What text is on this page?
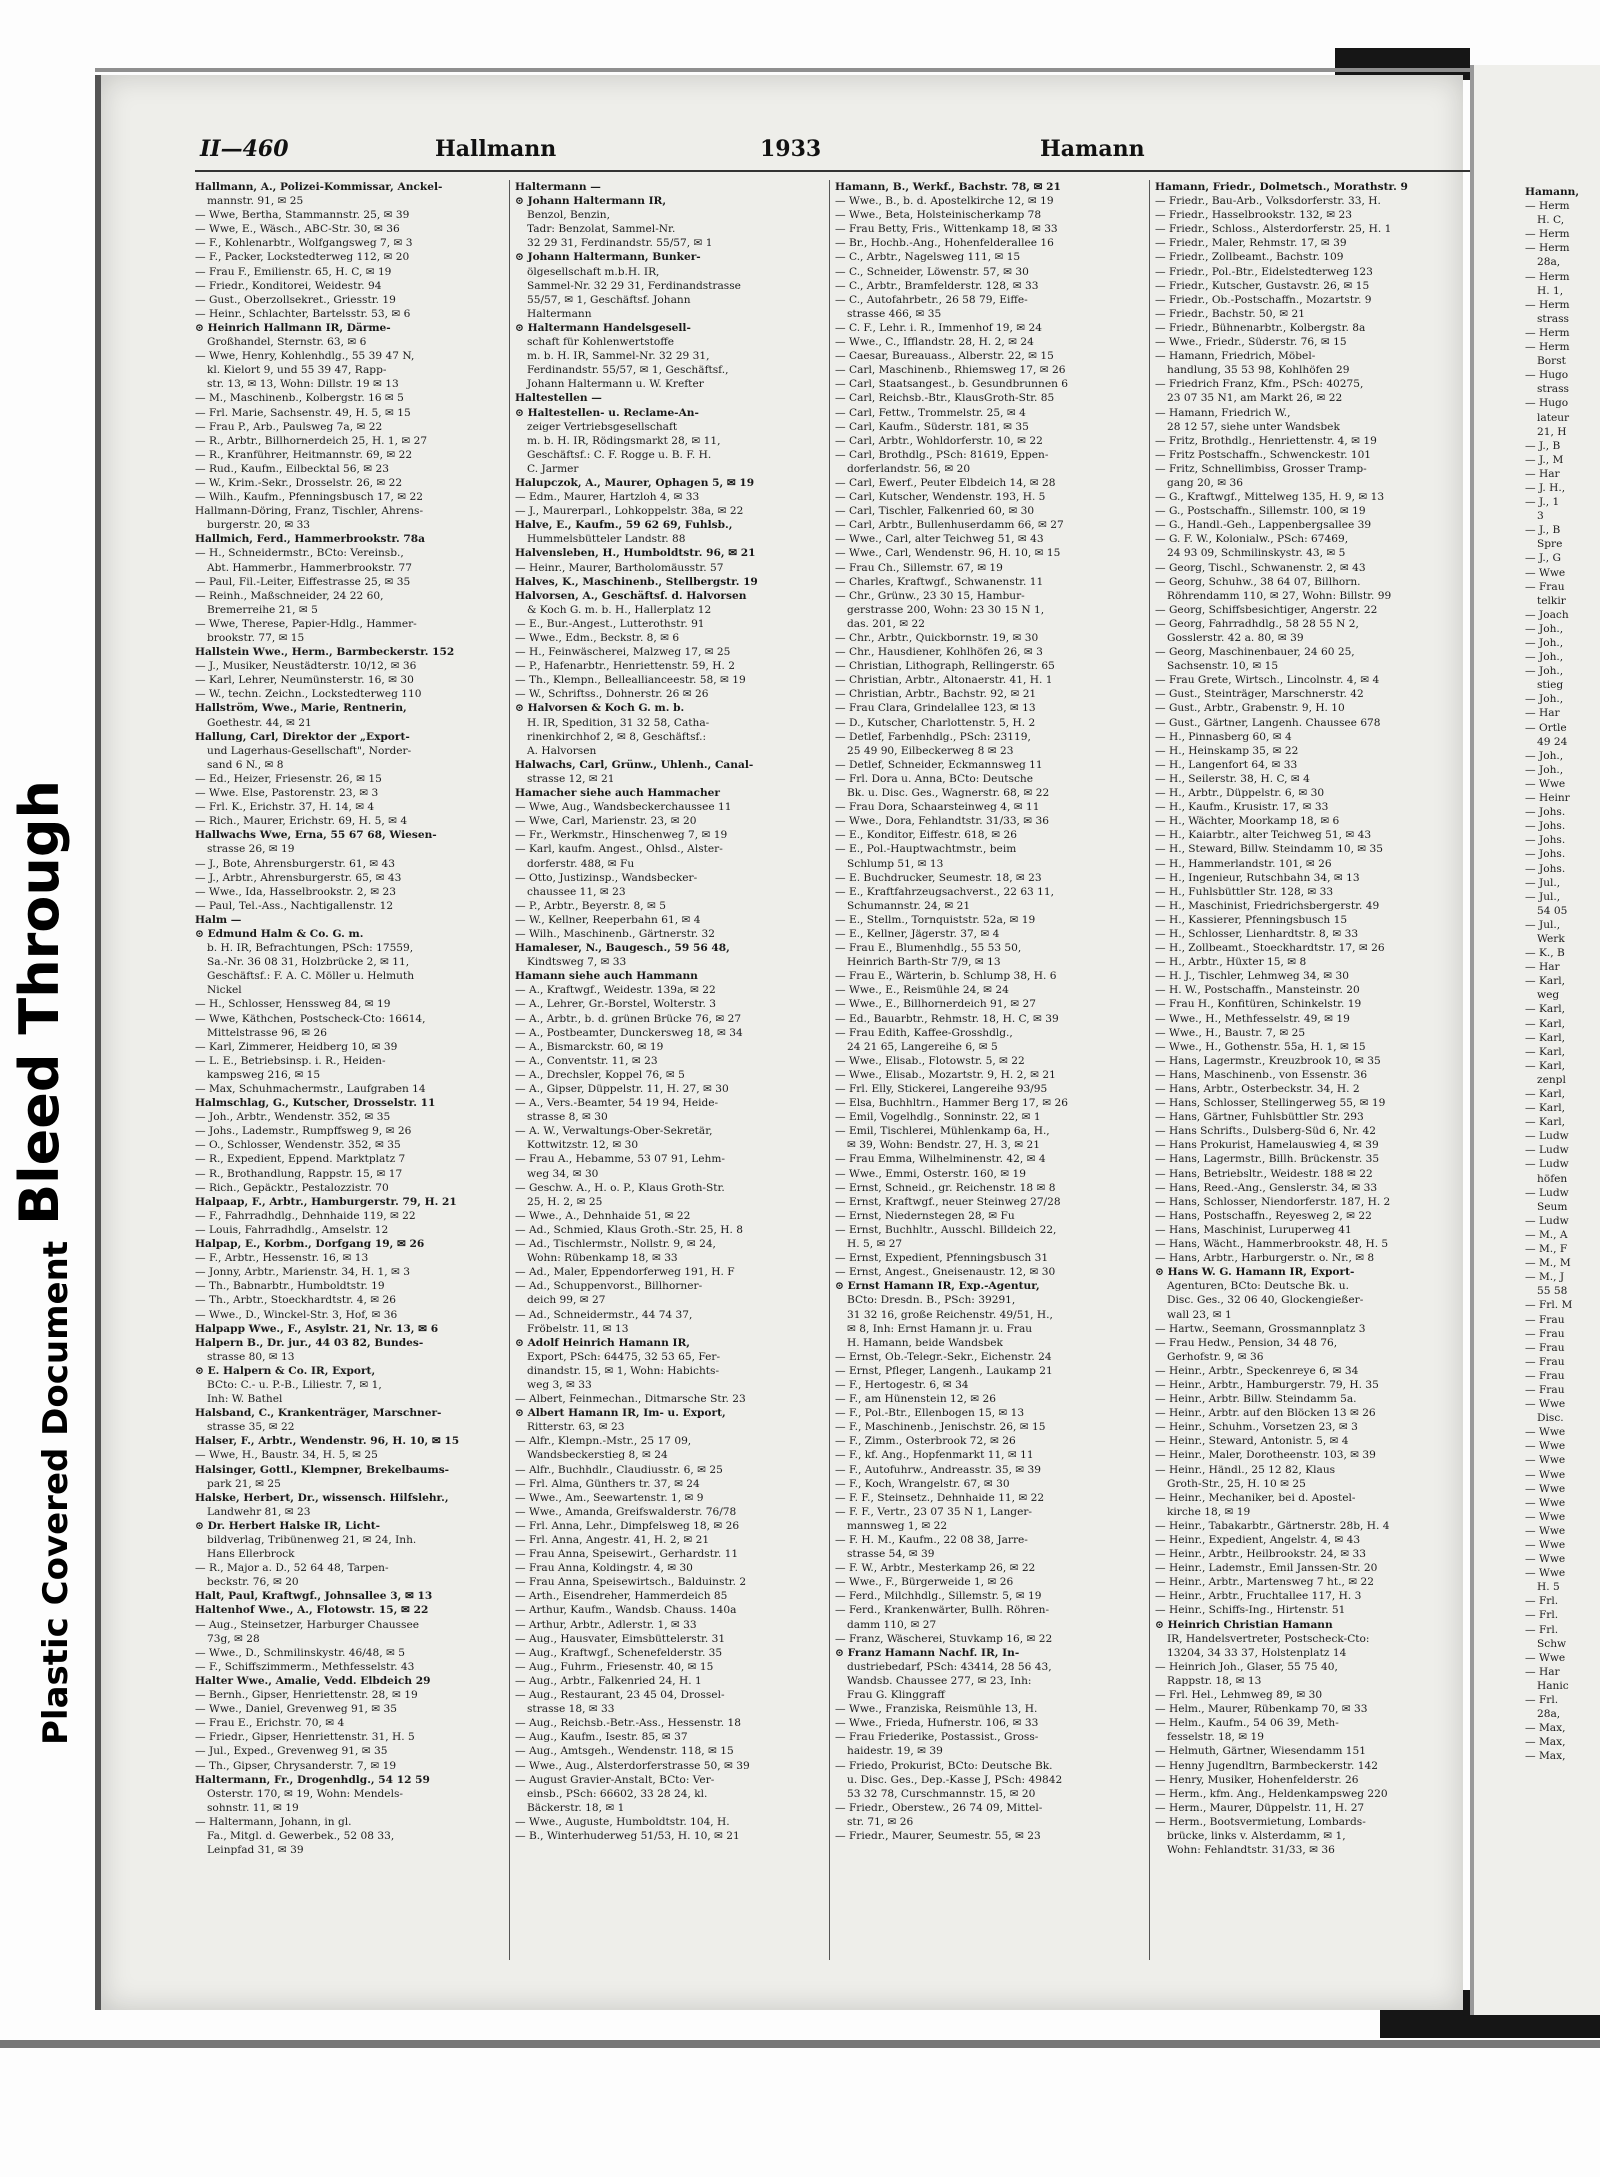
Bleed Through
Plastic Covered Document
II—460	Hallmann	1933	Hamann
Hallmann, A., Polizei-Kommissar, Anckel-
mannstr. 91, ✉ 25
— Wwe, Bertha, Stammannstr. 25, ✉ 39
— Wwe, E., Wäsch., ABC-Str. 30, ✉ 36
— F., Kohlenarbtr., Wolfgangsweg 7, ✉ 3
— F., Packer, Lockstedterweg 112, ✉ 20
— Frau F., Emilienstr. 65, H. C, ✉ 19
— Friedr., Konditorei, Weidestr. 94
— Gust., Oberzollsekret., Griesstr. 19
— Heinr., Schlachter, Bartelsstr. 53, ✉ 6
⊙ Heinrich Hallmann IR, Därme-
Großhandel, Sternstr. 63, ✉ 6
— Wwe, Henry, Kohlenhdlg., 55 39 47 N,
kl. Kielort 9, und 55 39 47, Rapp-
str. 13, ✉ 13, Wohn: Dillstr. 19 ✉ 13
— M., Maschinenb., Kolbergstr. 16 ✉ 5
— Frl. Marie, Sachsenstr. 49, H. 5, ✉ 15
— Frau P., Arb., Paulsweg 7a, ✉ 22
— R., Arbtr., Billhornerdeich 25, H. 1, ✉ 27
— R., Kranführer, Heitmannstr. 69, ✉ 22
— Rud., Kaufm., Eilbecktal 56, ✉ 23
— W., Krim.-Sekr., Drosselstr. 26, ✉ 22
— Wilh., Kaufm., Pfenningsbusch 17, ✉ 22
Hallmann-Döring, Franz, Tischler, Ahrens-
burgerstr. 20, ✉ 33
Hallmich, Ferd., Hammerbrookstr. 78a
— H., Schneidermstr., BCto: Vereinsb.,
Abt. Hammerbr., Hammerbrookstr. 77
— Paul, Fil.-Leiter, Eiffestrasse 25, ✉ 35
— Reinh., Maßschneider, 24 22 60,
Bremerreihe 21, ✉ 5
— Wwe, Therese, Papier-Hdlg., Hammer-
brookstr. 77, ✉ 15
Hallstein Wwe., Herm., Barmbeckerstr. 152
— J., Musiker, Neustädterstr. 10/12, ✉ 36
— Karl, Lehrer, Neumünsterstr. 16, ✉ 30
— W., techn. Zeichn., Lockstedterweg 110
Hallström, Wwe., Marie, Rentnerin,
Goethestr. 44, ✉ 21
Hallung, Carl, Direktor der „Export-
und Lagerhaus-Gesellschaft", Norder-
sand 6 N., ✉ 8
— Ed., Heizer, Friesenstr. 26, ✉ 15
— Wwe. Else, Pastorenstr. 23, ✉ 3
— Frl. K., Erichstr. 37, H. 14, ✉ 4
— Rich., Maurer, Erichstr. 69, H. 5, ✉ 4
Hallwachs Wwe, Erna, 55 67 68, Wiesen-
strasse 26, ✉ 19
— J., Bote, Ahrensburgerstr. 61, ✉ 43
— J., Arbtr., Ahrensburgerstr. 65, ✉ 43
— Wwe., Ida, Hasselbrookstr. 2, ✉ 23
— Paul, Tel.-Ass., Nachtigallenstr. 12
Halm —
⊙ Edmund Halm & Co. G. m.
b. H. IR, Befrachtungen, PSch: 17559,
Sa.-Nr. 36 08 31, Holzbrücke 2, ✉ 11,
Geschäftsf.: F. A. C. Möller u. Helmuth
Nickel
— H., Schlosser, Henssweg 84, ✉ 19
— Wwe, Käthchen, Postscheck-Cto: 16614,
Mittelstrasse 96, ✉ 26
— Karl, Zimmerer, Heidberg 10, ✉ 39
— L. E., Betriebsinsp. i. R., Heiden-
kampsweg 216, ✉ 15
— Max, Schuhmachermstr., Laufgraben 14
Halmschlag, G., Kutscher, Drosselstr. 11
— Joh., Arbtr., Wendenstr. 352, ✉ 35
— Johs., Lademstr., Rumpffsweg 9, ✉ 26
— O., Schlosser, Wendenstr. 352, ✉ 35
— R., Expedient, Eppend. Marktplatz 7
— R., Brothandlung, Rappstr. 15, ✉ 17
— Rich., Gepäcktr., Pestalozzistr. 70
Halpaap, F., Arbtr., Hamburgerstr. 79, H. 21
— F., Fahrradhdlg., Dehnhaide 119, ✉ 22
— Louis, Fahrradhdlg., Amselstr. 12
Halpap, E., Korbm., Dorfgang 19, ✉ 26
— F., Arbtr., Hessenstr. 16, ✉ 13
— Jonny, Arbtr., Marienstr. 34, H. 1, ✉ 3
— Th., Babnarbtr., Humboldtstr. 19
— Th., Arbtr., Stoeckhardtstr. 4, ✉ 26
— Wwe., D., Winckel-Str. 3, Hof, ✉ 36
Halpapp Wwe., F., Asylstr. 21, Nr. 13, ✉ 6
Halpern B., Dr. jur., 44 03 82, Bundes-
strasse 80, ✉ 13
⊙ E. Halpern & Co. IR, Export,
BCto: C.- u. P.-B., Liliestr. 7, ✉ 1,
Inh: W. Bathel
Halsband, C., Krankenträger, Marschner-
strasse 35, ✉ 22
Halser, F., Arbtr., Wendenstr. 96, H. 10, ✉ 15
— Wwe, H., Baustr. 34, H. 5, ✉ 25
Halsinger, Gottl., Klempner, Brekelbaums-
park 21, ✉ 25
Halske, Herbert, Dr., wissensch. Hilfslehr.,
Landwehr 81, ✉ 23
⊙ Dr. Herbert Halske IR, Licht-
bildverlag, Tribünenweg 21, ✉ 24, Inh.
Hans Ellerbrock
— R., Major a. D., 52 64 48, Tarpen-
beckstr. 76, ✉ 20
Halt, Paul, Kraftwgf., Johnsallee 3, ✉ 13
Haltenhof Wwe., A., Flotowstr. 15, ✉ 22
— Aug., Steinsetzer, Harburger Chaussee
73g, ✉ 28
— Wwe., D., Schmilinskystr. 46/48, ✉ 5
— F., Schiffszimmerm., Methfesselstr. 43
Halter Wwe., Amalie, Vedd. Elbdeich 29
— Bernh., Gipser, Henriettenstr. 28, ✉ 19
— Wwe., Daniel, Grevenweg 91, ✉ 35
— Frau E., Erichstr. 70, ✉ 4
— Friedr., Gipser, Henriettenstr. 31, H. 5
— Jul., Exped., Grevenweg 91, ✉ 35
— Th., Gipser, Chrysanderstr. 7, ✉ 19
Haltermann, Fr., Drogenhdlg., 54 12 59
Osterstr. 170, ✉ 19, Wohn: Mendels-
sohnstr. 11, ✉ 19
— Haltermann, Johann, in gl.
Fa., Mitgl. d. Gewerbek., 52 08 33,
Leinpfad 31, ✉ 39
Haltermann —
⊙ Johann Haltermann IR,
Benzol, Benzin,
Tadr: Benzolat, Sammel-Nr.
32 29 31, Ferdinandstr. 55/57, ✉ 1
⊙ Johann Haltermann, Bunker-
ölgesellschaft m.b.H. IR,
Sammel-Nr. 32 29 31, Ferdinandstrasse
55/57, ✉ 1, Geschäftsf. Johann
Haltermann
⊙ Haltermann Handelsgesell-
schaft für Kohlenwertstoffe
m. b. H. IR, Sammel-Nr. 32 29 31,
Ferdinandstr. 55/57, ✉ 1, Geschäftsf.,
Johann Haltermann u. W. Krefter
Haltestellen —
⊙ Haltestellen- u. Reclame-An-
zeiger Vertriebsgesellschaft
m. b. H. IR, Rödingsmarkt 28, ✉ 11,
Geschäftsf.: C. F. Rogge u. B. F. H.
C. Jarmer
Halupczok, A., Maurer, Ophagen 5, ✉ 19
— Edm., Maurer, Hartzloh 4, ✉ 33
— J., Maurerparl., Lohkoppelstr. 38a, ✉ 22
Halve, E., Kaufm., 59 62 69, Fuhlsb.,
Hummelsbütteler Landstr. 88
Halvensleben, H., Humboldtstr. 96, ✉ 21
— Heinr., Maurer, Bartholomäusstr. 57
Halves, K., Maschinenb., Stellbergstr. 19
Halvorsen, A., Geschäftsf. d. Halvorsen
& Koch G. m. b. H., Hallerplatz 12
— E., Bur.-Angest., Lutterothstr. 91
— Wwe., Edm., Beckstr. 8, ✉ 6
— H., Feinwäscherei, Malzweg 17, ✉ 25
— P., Hafenarbtr., Henriettenstr. 59, H. 2
— Th., Klempn., Belleallianceestr. 58, ✉ 19
— W., Schriftss., Dohnerstr. 26 ✉ 26
⊙ Halvorsen & Koch G. m. b.
H. IR, Spedition, 31 32 58, Catha-
rinenkirchhof 2, ✉ 8, Geschäftsf.:
A. Halvorsen
Halwachs, Carl, Grünw., Uhlenh., Canal-
strasse 12, ✉ 21
Hamacher siehe auch Hammacher
— Wwe, Aug., Wandsbeckerchaussee 11
— Wwe, Carl, Marienstr. 23, ✉ 20
— Fr., Werkmstr., Hinschenweg 7, ✉ 19
— Karl, kaufm. Angest., Ohlsd., Alster-
dorferstr. 488, ✉ Fu
— Otto, Justizinsp., Wandsbecker-
chaussee 11, ✉ 23
— P., Arbtr., Beyerstr. 8, ✉ 5
— W., Kellner, Reeperbahn 61, ✉ 4
— Wilh., Maschinenb., Gärtnerstr. 32
Hamaleser, N., Baugesch., 59 56 48,
Kindtsweg 7, ✉ 33
Hamann siehe auch Hammann
— A., Kraftwgf., Weidestr. 139a, ✉ 22
— A., Lehrer, Gr.-Borstel, Wolterstr. 3
— A., Arbtr., b. d. grünen Brücke 76, ✉ 27
— A., Postbeamter, Dunckersweg 18, ✉ 34
— A., Bismarckstr. 60, ✉ 19
— A., Conventstr. 11, ✉ 23
— A., Drechsler, Koppel 76, ✉ 5
— A., Gipser, Düppelstr. 11, H. 27, ✉ 30
— A., Vers.-Beamter, 54 19 94, Heide-
strasse 8, ✉ 30
— A. W., Verwaltungs-Ober-Sekretär,
Kottwitzstr. 12, ✉ 30
— Frau A., Hebamme, 53 07 91, Lehm-
weg 34, ✉ 30
— Geschw. A., H. o. P., Klaus Groth-Str.
25, H. 2, ✉ 25
— Wwe., A., Dehnhaide 51, ✉ 22
— Ad., Schmied, Klaus Groth.-Str. 25, H. 8
— Ad., Tischlermstr., Nollstr. 9, ✉ 24,
Wohn: Rübenkamp 18, ✉ 33
— Ad., Maler, Eppendorferweg 191, H. F
— Ad., Schuppenvorst., Billhorner-
deich 99, ✉ 27
— Ad., Schneidermstr., 44 74 37,
Fröbelstr. 11, ✉ 13
⊙ Adolf Heinrich Hamann IR,
Export, PSch: 64475, 32 53 65, Fer-
dinandstr. 15, ✉ 1, Wohn: Habichts-
weg 3, ✉ 33
— Albert, Feinmechan., Ditmarsche Str. 23
⊙ Albert Hamann IR, Im- u. Export,
Ritterstr. 63, ✉ 23
— Alfr., Klempn.-Mstr., 25 17 09,
Wandsbeckerstieg 8, ✉ 24
— Alfr., Buchhdlr., Claudiusstr. 6, ✉ 25
— Frl. Alma, Günthers tr. 37, ✉ 24
— Wwe., Am., Seewartenstr. 1, ✉ 9
— Wwe., Amanda, Greifswalderstr. 76/78
— Frl. Anna, Lehr., Dimpfelsweg 18, ✉ 26
— Frl. Anna, Angestr. 41, H. 2, ✉ 21
— Frau Anna, Speisewirt., Gerhardstr. 11
— Frau Anna, Koldingstr. 4, ✉ 30
— Frau Anna, Speisewirtsch., Balduinstr. 2
— Arth., Eisendreher, Hammerdeich 85
— Arthur, Kaufm., Wandsb. Chauss. 140a
— Arthur, Arbtr., Adlerstr. 1, ✉ 33
— Aug., Hausvater, Eimsbüttelerstr. 31
— Aug., Kraftwgf., Schenefelderstr. 35
— Aug., Fuhrm., Friesenstr. 40, ✉ 15
— Aug., Arbtr., Falkenried 24, H. 1
— Aug., Restaurant, 23 45 04, Drossel-
strasse 18, ✉ 33
— Aug., Reichsb.-Betr.-Ass., Hessenstr. 18
— Aug., Kaufm., Isestr. 85, ✉ 37
— Aug., Amtsgeh., Wendenstr. 118, ✉ 15
— Wwe., Aug., Alsterdorferstrasse 50, ✉ 39
— August Gravier-Anstalt, BCto: Ver-
einsb., PSch: 66602, 33 28 24, kl.
Bäckerstr. 18, ✉ 1
— Wwe., Auguste, Humboldtstr. 104, H.
— B., Winterhuderweg 51/53, H. 10, ✉ 21
Hamann, B., Werkf., Bachstr. 78, ✉ 21
— Wwe., B., b. d. Apostelkirche 12, ✉ 19
— Wwe., Beta, Holsteinischerkamp 78
— Frau Betty, Fris., Wittenkamp 18, ✉ 33
— Br., Hochb.-Ang., Hohenfelderallee 16
— C., Arbtr., Nagelsweg 111, ✉ 15
— C., Schneider, Löwenstr. 57, ✉ 30
— C., Arbtr., Bramfelderstr. 128, ✉ 33
— C., Autofahrbetr., 26 58 79, Eiffe-
strasse 466, ✉ 35
— C. F., Lehr. i. R., Immenhof 19, ✉ 24
— Wwe., C., Ifflandstr. 28, H. 2, ✉ 24
— Caesar, Bureauass., Alberstr. 22, ✉ 15
— Carl, Maschinenb., Rhiemsweg 17, ✉ 26
— Carl, Staatsangest., b. Gesundbrunnen 6
— Carl, Reichsb.-Btr., KlausGroth-Str. 85
— Carl, Fettw., Trommelstr. 25, ✉ 4
— Carl, Kaufm., Süderstr. 181, ✉ 35
— Carl, Arbtr., Wohldorferstr. 10, ✉ 22
— Carl, Brothdlg., PSch: 81619, Eppen-
dorferlandstr. 56, ✉ 20
— Carl, Ewerf., Peuter Elbdeich 14, ✉ 28
— Carl, Kutscher, Wendenstr. 193, H. 5
— Carl, Tischler, Falkenried 60, ✉ 30
— Carl, Arbtr., Bullenhuserdamm 66, ✉ 27
— Wwe., Carl, alter Teichweg 51, ✉ 43
— Wwe., Carl, Wendenstr. 96, H. 10, ✉ 15
— Frau Ch., Sillemstr. 67, ✉ 19
— Charles, Kraftwgf., Schwanenstr. 11
— Chr., Grünw., 23 30 15, Hambur-
gerstrasse 200, Wohn: 23 30 15 N 1,
das. 201, ✉ 22
— Chr., Arbtr., Quickbornstr. 19, ✉ 30
— Chr., Hausdiener, Kohlhöfen 26, ✉ 3
— Christian, Lithograph, Rellingerstr. 65
— Christian, Arbtr., Altonaerstr. 41, H. 1
— Christian, Arbtr., Bachstr. 92, ✉ 21
— Frau Clara, Grindelallee 123, ✉ 13
— D., Kutscher, Charlottenstr. 5, H. 2
— Detlef, Farbenhdlg., PSch: 23119,
25 49 90, Eilbeckerweg 8 ✉ 23
— Detlef, Schneider, Eckmannsweg 11
— Frl. Dora u. Anna, BCto: Deutsche
Bk. u. Disc. Ges., Wagnerstr. 68, ✉ 22
— Frau Dora, Schaarsteinweg 4, ✉ 11
— Wwe., Dora, Fehlandtstr. 31/33, ✉ 36
— E., Konditor, Eiffestr. 618, ✉ 26
— E., Pol.-Hauptwachtmstr., beim
Schlump 51, ✉ 13
— E. Buchdrucker, Seumestr. 18, ✉ 23
— E., Kraftfahrzeugsachverst., 22 63 11,
Schumannstr. 24, ✉ 21
— E., Stellm., Tornquiststr. 52a, ✉ 19
— E., Kellner, Jägerstr. 37, ✉ 4
— Frau E., Blumenhdlg., 55 53 50,
Heinrich Barth-Str 7/9, ✉ 13
— Frau E., Wärterin, b. Schlump 38, H. 6
— Wwe., E., Reismühle 24, ✉ 24
— Wwe., E., Billhornerdeich 91, ✉ 27
— Ed., Bauarbtr., Rehmstr. 18, H. C, ✉ 39
— Frau Edith, Kaffee-Grosshdlg.,
24 21 65, Langereihe 6, ✉ 5
— Wwe., Elisab., Flotowstr. 5, ✉ 22
— Wwe., Elisab., Mozartstr. 9, H. 2, ✉ 21
— Frl. Elly, Stickerei, Langereihe 93/95
— Elsa, Buchhltrn., Hammer Berg 17, ✉ 26
— Emil, Vogelhdlg., Sonninstr. 22, ✉ 1
— Emil, Tischlerei, Mühlenkamp 6a, H.,
✉ 39, Wohn: Bendstr. 27, H. 3, ✉ 21
— Frau Emma, Wilhelminenstr. 42, ✉ 4
— Wwe., Emmi, Osterstr. 160, ✉ 19
— Ernst, Schneid., gr. Reichenstr. 18 ✉ 8
— Ernst, Kraftwgf., neuer Steinweg 27/28
— Ernst, Niedernstegen 28, ✉ Fu
— Ernst, Buchhltr., Ausschl. Billdeich 22,
H. 5, ✉ 27
— Ernst, Expedient, Pfenningsbusch 31
— Ernst, Angest., Gneisenaustr. 12, ✉ 30
⊙ Ernst Hamann IR, Exp.-Agentur,
BCto: Dresdn. B., PSch: 39291,
31 32 16, große Reichenstr. 49/51, H.,
✉ 8, Inh: Ernst Hamann jr. u. Frau
H. Hamann, beide Wandsbek
— Ernst, Ob.-Telegr.-Sekr., Eichenstr. 24
— Ernst, Pfleger, Langenh., Laukamp 21
— F., Hertogestr. 6, ✉ 34
— F., am Hünenstein 12, ✉ 26
— F., Pol.-Btr., Ellenbogen 15, ✉ 13
— F., Maschinenb., Jenischstr. 26, ✉ 15
— F., Zimm., Osterbrook 72, ✉ 26
— F., kf. Ang., Hopfenmarkt 11, ✉ 11
— F., Autofuhrw., Andreasstr. 35, ✉ 39
— F., Koch, Wrangelstr. 67, ✉ 30
— F. F., Steinsetz., Dehnhaide 11, ✉ 22
— F. F., Vertr., 23 07 35 N 1, Langer-
mannsweg 1, ✉ 22
— F. H. M., Kaufm., 22 08 38, Jarre-
strasse 54, ✉ 39
— F. W., Arbtr., Mesterkamp 26, ✉ 22
— Wwe., F., Bürgerweide 1, ✉ 26
— Ferd., Milchhdlg., Sillemstr. 5, ✉ 19
— Ferd., Krankenwärter, Bullh. Röhren-
damm 110, ✉ 27
— Franz, Wäscherei, Stuvkamp 16, ✉ 22
⊙ Franz Hamann Nachf. IR, In-
dustriebedarf, PSch: 43414, 28 56 43,
Wandsb. Chaussee 277, ✉ 23, Inh:
Frau G. Klinggraff
— Wwe., Franziska, Reismühle 13, H.
— Wwe., Frieda, Hufnerstr. 106, ✉ 33
— Frau Friederike, Postassist., Gross-
haidestr. 19, ✉ 39
— Friedo, Prokurist, BCto: Deutsche Bk.
u. Disc. Ges., Dep.-Kasse J, PSch: 49842
53 32 78, Curschmannstr. 15, ✉ 20
— Friedr., Oberstew., 26 74 09, Mittel-
str. 71, ✉ 26
— Friedr., Maurer, Seumestr. 55, ✉ 23
Hamann, Friedr., Dolmetsch., Morathstr. 9
— Friedr., Bau-Arb., Volksdorferstr. 33, H.
— Friedr., Hasselbrookstr. 132, ✉ 23
— Friedr., Schloss., Alsterdorferstr. 25, H. 1
— Friedr., Maler, Rehmstr. 17, ✉ 39
— Friedr., Zollbeamt., Bachstr. 109
— Friedr., Pol.-Btr., Eidelstedterweg 123
— Friedr., Kutscher, Gustavstr. 26, ✉ 15
— Friedr., Ob.-Postschaffn., Mozartstr. 9
— Friedr., Bachstr. 50, ✉ 21
— Friedr., Bühnenarbtr., Kolbergstr. 8a
— Wwe., Friedr., Süderstr. 76, ✉ 15
— Hamann, Friedrich, Möbel-
handlung, 35 53 98, Kohlhöfen 29
— Friedrich Franz, Kfm., PSch: 40275,
23 07 35 N1, am Markt 26, ✉ 22
— Hamann, Friedrich W.,
28 12 57, siehe unter Wandsbek
— Fritz, Brothdlg., Henriettenstr. 4, ✉ 19
— Fritz Postschaffn., Schwenckestr. 101
— Fritz, Schnellimbiss, Grosser Tramp-
gang 20, ✉ 36
— G., Kraftwgf., Mittelweg 135, H. 9, ✉ 13
— G., Postschaffn., Sillemstr. 100, ✉ 19
— G., Handl.-Geh., Lappenbergsallee 39
— G. F. W., Kolonialw., PSch: 67469,
24 93 09, Schmilinskystr. 43, ✉ 5
— Georg, Tischl., Schwanenstr. 2, ✉ 43
— Georg, Schuhw., 38 64 07, Billhorn.
Röhrendamm 110, ✉ 27, Wohn: Billstr. 99
— Georg, Schiffsbesichtiger, Angerstr. 22
— Georg, Fahrradhdlg., 58 28 55 N 2,
Gosslerstr. 42 a. 80, ✉ 39
— Georg, Maschinenbauer, 24 60 25,
Sachsenstr. 10, ✉ 15
— Frau Grete, Wirtsch., Lincolnstr. 4, ✉ 4
— Gust., Steinträger, Marschnerstr. 42
— Gust., Arbtr., Grabenstr. 9, H. 10
— Gust., Gärtner, Langenh. Chaussee 678
— H., Pinnasberg 60, ✉ 4
— H., Heinskamp 35, ✉ 22
— H., Langenfort 64, ✉ 33
— H., Seilerstr. 38, H. C, ✉ 4
— H., Arbtr., Düppelstr. 6, ✉ 30
— H., Kaufm., Krusistr. 17, ✉ 33
— H., Wächter, Moorkamp 18, ✉ 6
— H., Kaiarbtr., alter Teichweg 51, ✉ 43
— H., Steward, Billw. Steindamm 10, ✉ 35
— H., Hammerlandstr. 101, ✉ 26
— H., Ingenieur, Rutschbahn 34, ✉ 13
— H., Fuhlsbüttler Str. 128, ✉ 33
— H., Maschinist, Friedrichsbergerstr. 49
— H., Kassierer, Pfenningsbusch 15
— H., Schlosser, Lienhardtstr. 8, ✉ 33
— H., Zollbeamt., Stoeckhardtstr. 17, ✉ 26
— H., Arbtr., Hüxter 15, ✉ 8
— H. J., Tischler, Lehmweg 34, ✉ 30
— H. W., Postschaffn., Mansteinstr. 20
— Frau H., Konfitüren, Schinkelstr. 19
— Wwe., H., Methfesselstr. 49, ✉ 19
— Wwe., H., Baustr. 7, ✉ 25
— Wwe., H., Gothenstr. 55a, H. 1, ✉ 15
— Hans, Lagermstr., Kreuzbrook 10, ✉ 35
— Hans, Maschinenb., von Essenstr. 36
— Hans, Arbtr., Osterbeckstr. 34, H. 2
— Hans, Schlosser, Stellingerweg 55, ✉ 19
— Hans, Gärtner, Fuhlsbüttler Str. 293
— Hans Schrifts., Dulsberg-Süd 6, Nr. 42
— Hans Prokurist, Hamelauswieg 4, ✉ 39
— Hans, Lagermstr., Billh. Brückenstr. 35
— Hans, Betriebsltr., Weidestr. 188 ✉ 22
— Hans, Reed.-Ang., Genslerstr. 34, ✉ 33
— Hans, Schlosser, Niendorferstr. 187, H. 2
— Hans, Postschaffn., Reyesweg 2, ✉ 22
— Hans, Maschinist, Luruperweg 41
— Hans, Wächt., Hammerbrookstr. 48, H. 5
— Hans, Arbtr., Harburgerstr. o. Nr., ✉ 8
⊙ Hans W. G. Hamann IR, Export-
Agenturen, BCto: Deutsche Bk. u.
Disc. Ges., 32 06 40, Glockengießer-
wall 23, ✉ 1
— Hartw., Seemann, Grossmannplatz 3
— Frau Hedw., Pension, 34 48 76,
Gerhofstr. 9, ✉ 36
— Heinr., Arbtr., Speckenreye 6, ✉ 34
— Heinr., Arbtr., Hamburgerstr. 79, H. 35
— Heinr., Arbtr. Billw. Steindamm 5a.
— Heinr., Arbtr. auf den Blöcken 13 ✉ 26
— Heinr., Schuhm., Vorsetzen 23, ✉ 3
— Heinr., Steward, Antonistr. 5, ✉ 4
— Heinr., Maler, Dorotheenstr. 103, ✉ 39
— Heinr., Händl., 25 12 82, Klaus
Groth-Str., 25, H. 10 ✉ 25
— Heinr., Mechaniker, bei d. Apostel-
kirche 18, ✉ 19
— Heinr., Tabakarbtr., Gärtnerstr. 28b, H. 4
— Heinr., Expedient, Angelstr. 4, ✉ 43
— Heinr., Arbtr., Heilbrookstr. 24, ✉ 33
— Heinr., Lademstr., Emil Janssen-Str. 20
— Heinr., Arbtr., Martensweg 7 ht., ✉ 22
— Heinr., Arbtr., Fruchtallee 117, H. 3
— Heinr., Schiffs-Ing., Hirtenstr. 51
⊙ Heinrich Christian Hamann
IR, Handelsvertreter, Postscheck-Cto:
13204, 34 33 37, Holstenplatz 14
— Heinrich Joh., Glaser, 55 75 40,
Rappstr. 18, ✉ 13
— Frl. Hel., Lehmweg 89, ✉ 30
— Helm., Maurer, Rübenkamp 70, ✉ 33
— Helm., Kaufm., 54 06 39, Meth-
fesselstr. 18, ✉ 19
— Helmuth, Gärtner, Wiesendamm 151
— Henny Jugendltrn, Barmbeckerstr. 142
— Henry, Musiker, Hohenfelderstr. 26
— Herm., kfm. Ang., Heldenkampsweg 220
— Herm., Maurer, Düppelstr. 11, H. 27
— Herm., Bootsvermietung, Lombards-
brücke, links v. Alsterdamm, ✉ 1,
Wohn: Fehlandtstr. 31/33, ✉ 36
Hamann,
— Herm
H. C,
— Herm
— Herm
28a,
— Herm
H. 1,
— Herm
strass
— Herm
— Herm
Borst
— Hugo
strass
— Hugo
lateur
21, H
— J., B
— J., M
— Har
— J. H.,
— J., 1
3
— J., B
Spre
— J., G
— Wwe
— Frau
telkir
— Joach
— Joh.,
— Joh.,
— Joh.,
— Joh.,
stieg
— Joh.,
— Har
— Ortle
49 24
— Joh.,
— Joh.,
— Wwe
— Heinr
— Johs.
— Johs.
— Johs.
— Johs.
— Johs.
— Jul.,
— Jul.,
54 05
— Jul.,
Werk
— K., B
— Har
— Karl,
weg
— Karl,
— Karl,
— Karl,
— Karl,
— Karl,
zenpl
— Karl,
— Karl,
— Karl,
— Ludw
— Ludw
— Ludw
höfen
— Ludw
Seum
— Ludw
— M., A
— M., F
— M., M
— M., J
55 58
— Frl. M
— Frau
— Frau
— Frau
— Frau
— Frau
— Frau
— Wwe
Disc.
— Wwe
— Wwe
— Wwe
— Wwe
— Wwe
— Wwe
— Wwe
— Wwe
— Wwe
— Wwe
— Wwe
H. 5
— Frl.
— Frl.
— Frl.
Schw
— Wwe
— Har
Hanic
— Frl.
28a,
— Max,
— Max,
— Max,
